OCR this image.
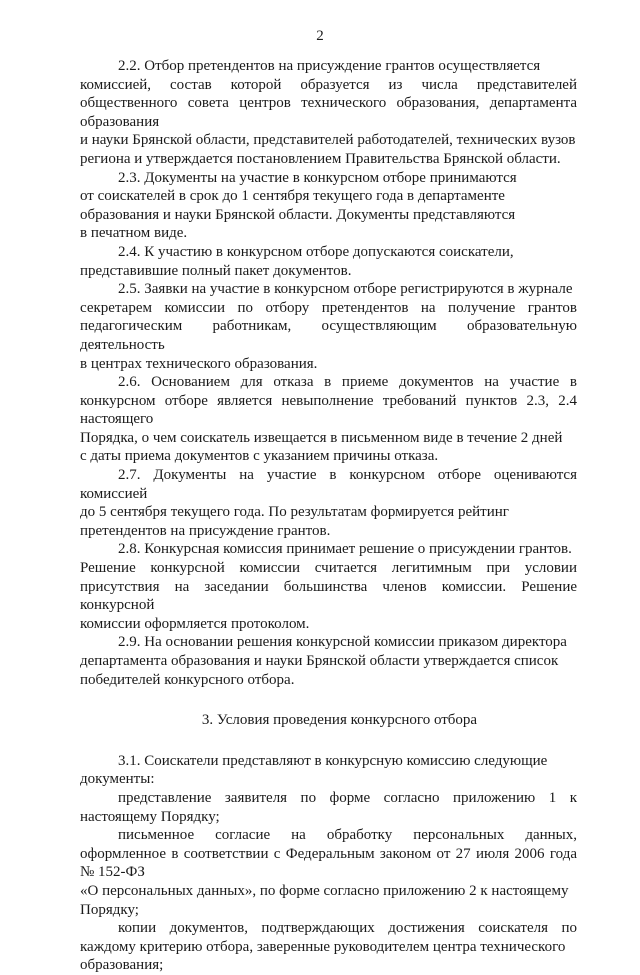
2

2.2. Отбор претендентов на присуждение грантов осуществляется
комиссией, состав которой образуется из числа представителей общественного совета центров технического образования, департамента образования
и науки Брянской области, представителей работодателей, технических вузов
региона и утверждается постановлением Правительства Брянской области.

2.3. Документы на участие в конкурсном отборе принимаются
от соискателей в срок до 1 сентября текущего года в департаменте
образования и науки Брянской области. Документы представляются
в печатном виде.

2.4. К участию в конкурсном отборе допускаются соискатели,
представившие полный пакет документов.

2.5. Заявки на участие в конкурсном отборе регистрируются в журнале
секретарем комиссии по отбору претендентов на получение грантов педагогическим работникам, осуществляющим образовательную деятельность
в центрах технического образования.

2.6. Основанием для отказа в приеме документов на участие в конкурсном отборе является невыполнение требований пунктов 2.3, 2.4 настоящего
Порядка, о чем соискатель извещается в письменном виде в течение 2 дней
с даты приема документов с указанием причины отказа.

2.7. Документы на участие в конкурсном отборе оцениваются комиссией
до 5 сентября текущего года. По результатам формируется рейтинг
претендентов на присуждение грантов.

2.8. Конкурсная комиссия принимает решение о присуждении грантов.
Решение конкурсной комиссии считается легитимным при условии присутствия на заседании большинства членов комиссии. Решение конкурсной
комиссии оформляется протоколом.

2.9. На основании решения конкурсной комиссии приказом директора
департамента образования и науки Брянской области утверждается список
победителей конкурсного отбора.

3. Условия проведения конкурсного отбора

3.1. Соискатели представляют в конкурсную комиссию следующие
документы:

представление заявителя по форме согласно приложению 1 к настоящему Порядку;

письменное согласие на обработку персональных данных, оформленное в соответствии с Федеральным законом от 27 июля 2006 года № 152-ФЗ
«О персональных данных», по форме согласно приложению 2 к настоящему
Порядку;

копии документов, подтверждающих достижения соискателя по каждому критерию отбора, заверенные руководителем центра технического
образования;
